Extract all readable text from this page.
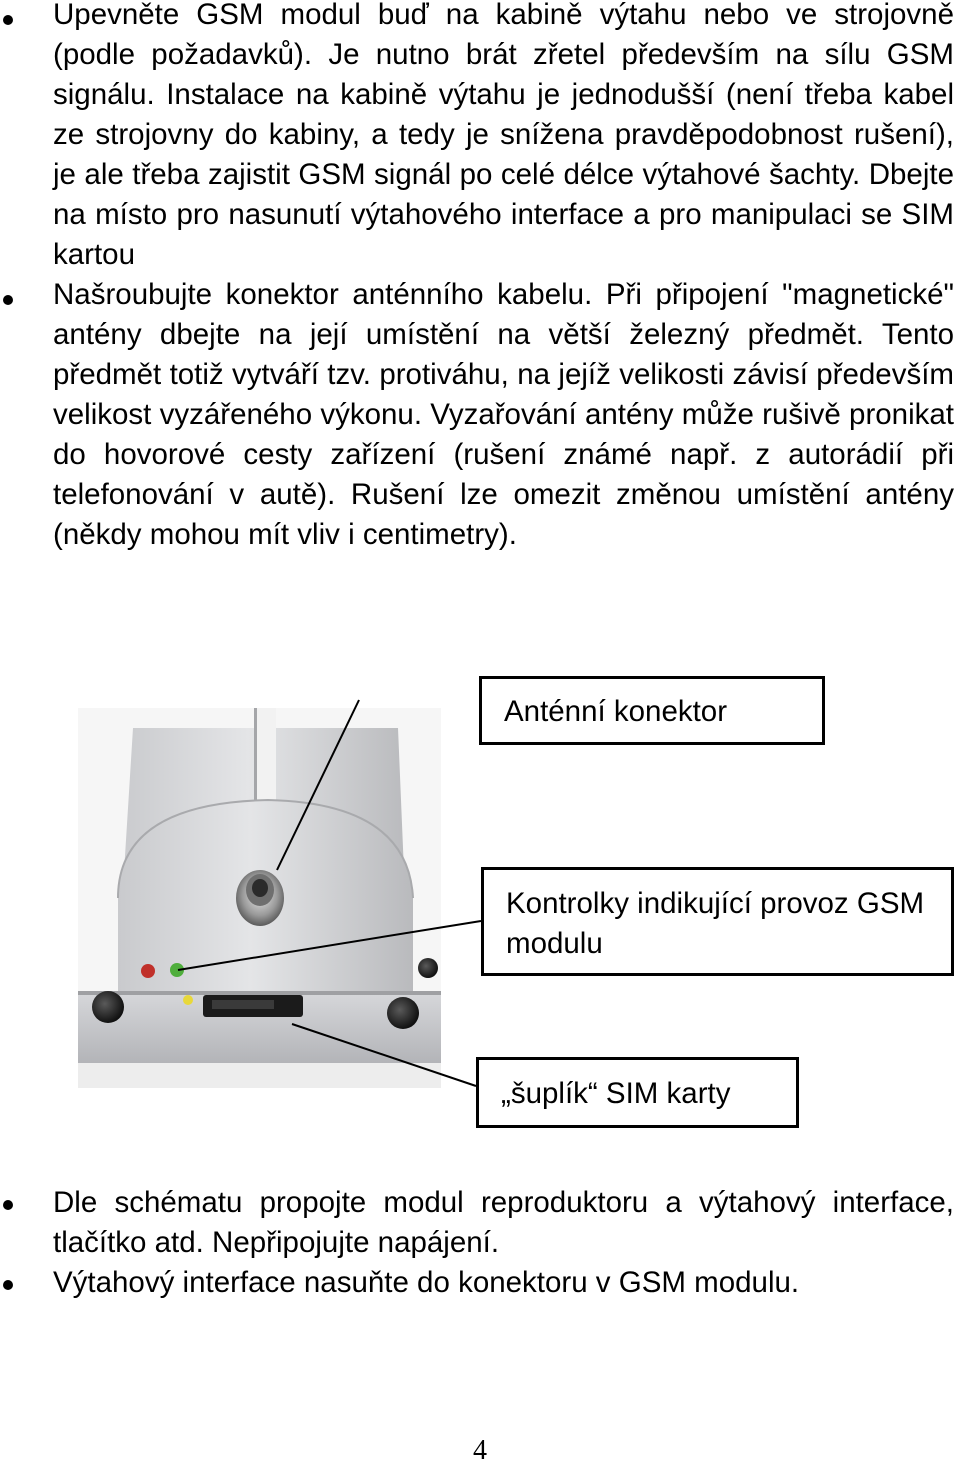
Upevněte GSM modul buď na kabině výtahu nebo ve strojovně (podle požadavků). Je nutno brát zřetel především na sílu GSM signálu. Instalace na kabině výtahu je jednodušší (není třeba kabel ze strojovny do kabiny, a tedy je snížena pravděpodobnost rušení), je ale třeba zajistit GSM signál po celé délce výtahové šachty. Dbejte na místo pro nasunutí výtahového interface a pro manipulaci se SIM kartou
Našroubujte konektor anténního kabelu. Při připojení "magnetické" antény dbejte na její umístění na větší železný předmět. Tento předmět totiž vytváří tzv. protiváhu, na jejíž velikosti závisí především velikost vyzářeného výkonu. Vyzařování antény může rušivě pronikat do hovorové cesty zařízení (rušení známé např. z autorádií při telefonování v autě). Rušení lze omezit změnou umístění antény (někdy mohou mít vliv i centimetry).
Anténní konektor
Kontrolky indikující provoz GSM modulu
„šuplík“ SIM karty
Dle schématu propojte modul reproduktoru a výtahový interface, tlačítko atd. Nepřipojujte napájení.
Výtahový interface nasuňte do konektoru v GSM modulu.
4
